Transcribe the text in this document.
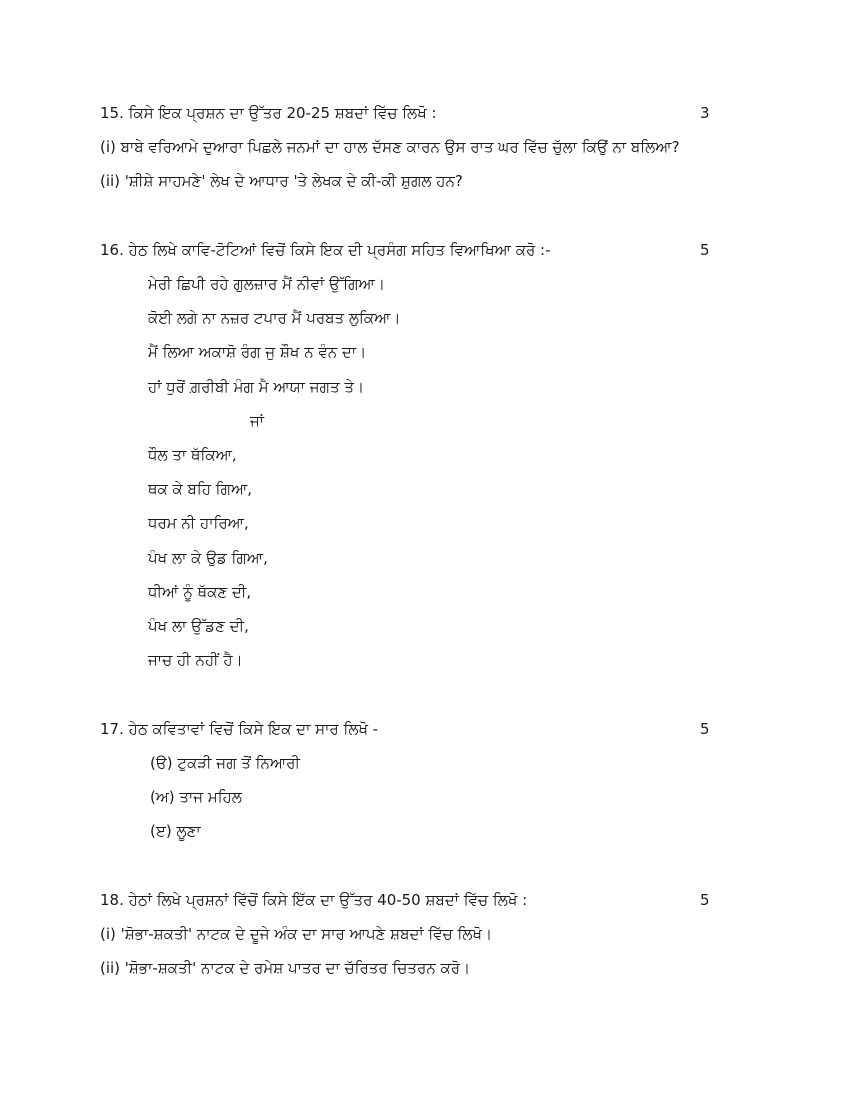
15. ਕਿਸੇ ਇਕ ਪ੍ਰਸ਼ਨ ਦਾ ਉੱਤਰ 20-25 ਸ਼ਬਦਾਂ ਵਿੱਚ ਲਿਖੋ :	3
(i) ਬਾਬੇ ਵਰਿਆਮੇ ਦੁਆਰਾ ਪਿਛਲੇ ਜਨਮਾਂ ਦਾ ਹਾਲ ਦੱਸਣ ਕਾਰਨ ਉਸ ਰਾਤ ਘਰ ਵਿੱਚ ਚੁੱਲਾ ਕਿਉਂ ਨਾ ਬਲਿਆ?
(ii) 'ਸ਼ੀਸ਼ੇ ਸਾਹਮਣੇ' ਲੇਖ ਦੇ ਆਧਾਰ 'ਤੇ ਲੇਖਕ ਦੇ ਕੀ-ਕੀ ਸ਼ੁਗਲ ਹਨ?
16. ਹੇਠ ਲਿਖੇ ਕਾਵਿ-ਟੋਟਿਆਂ ਵਿਚੋਂ ਕਿਸੇ ਇਕ ਦੀ ਪ੍ਰਸੰਗ ਸਹਿਤ ਵਿਆਖਿਆ ਕਰੋ :-	5
ਮੇਰੀ ਛਿਪੀ ਰਹੇ ਗੁਲਜ਼ਾਰ ਮੈਂ ਨੀਵਾਂ ਉੱਗਿਆ।
ਕੋਈ ਲਗੇ ਨਾ ਨਜ਼ਰ ਟਪਾਰ ਮੈਂ ਪਰਬਤ ਲੁਕਿਆ।
ਮੈਂ ਲਿਆ ਅਕਾਸ਼ੋ ਰੰਗ ਜੁ ਸ਼ੌਖ ਨ ਵੰਨ ਦਾ।
ਹਾਂ ਧੁਰੋਂ ਗ਼ਰੀਬੀ ਮੰਗ ਮੈ ਆਯਾ ਜਗਤ ਤੇ।
ਜਾਂ
ਧੌਲ ਤਾ ਥੱਕਿਆ,
ਥਕ ਕੇ ਬਹਿ ਗਿਆ,
ਧਰਮ ਨੀ ਹਾਰਿਆ,
ਪੰਖ ਲਾ ਕੇ ਉਡ ਗਿਆ,
ਧੀਆਂ ਨੂੰ ਥੱਕਣ ਦੀ,
ਪੰਖ ਲਾ ਉੱਡਣ ਦੀ,
ਜਾਚ ਹੀ ਨਹੀਂ ਹੈ।
17. ਹੇਠ ਕਵਿਤਾਵਾਂ ਵਿਚੋਂ ਕਿਸੇ ਇਕ ਦਾ ਸਾਰ ਲਿਖੋ -	5
(ੳ) ਟੁਕੜੀ ਜਗ ਤੋਂ ਨਿਆਰੀ
(ਅ) ਤਾਜ ਮਹਿਲ
(ੲ) ਲੂਣਾ
18. ਹੇਠਾਂ ਲਿਖੇ ਪ੍ਰਸ਼ਨਾਂ ਵਿੱਚੋਂ ਕਿਸੇ ਇੱਕ ਦਾ ਉੱਤਰ 40-50 ਸ਼ਬਦਾਂ ਵਿੱਚ ਲਿਖੋ :	5
(i) 'ਸ਼ੋਭਾ-ਸ਼ਕਤੀ' ਨਾਟਕ ਦੇ ਦੂਜੇ ਅੰਕ ਦਾ ਸਾਰ ਆਪਣੇ ਸ਼ਬਦਾਂ ਵਿੱਚ ਲਿਖੋ।
(ii) 'ਸ਼ੋਭਾ-ਸ਼ਕਤੀ' ਨਾਟਕ ਦੇ ਰਮੇਸ਼ ਪਾਤਰ ਦਾ ਚੱਰਿਤਰ ਚਿਤਰਨ ਕਰੋ।
